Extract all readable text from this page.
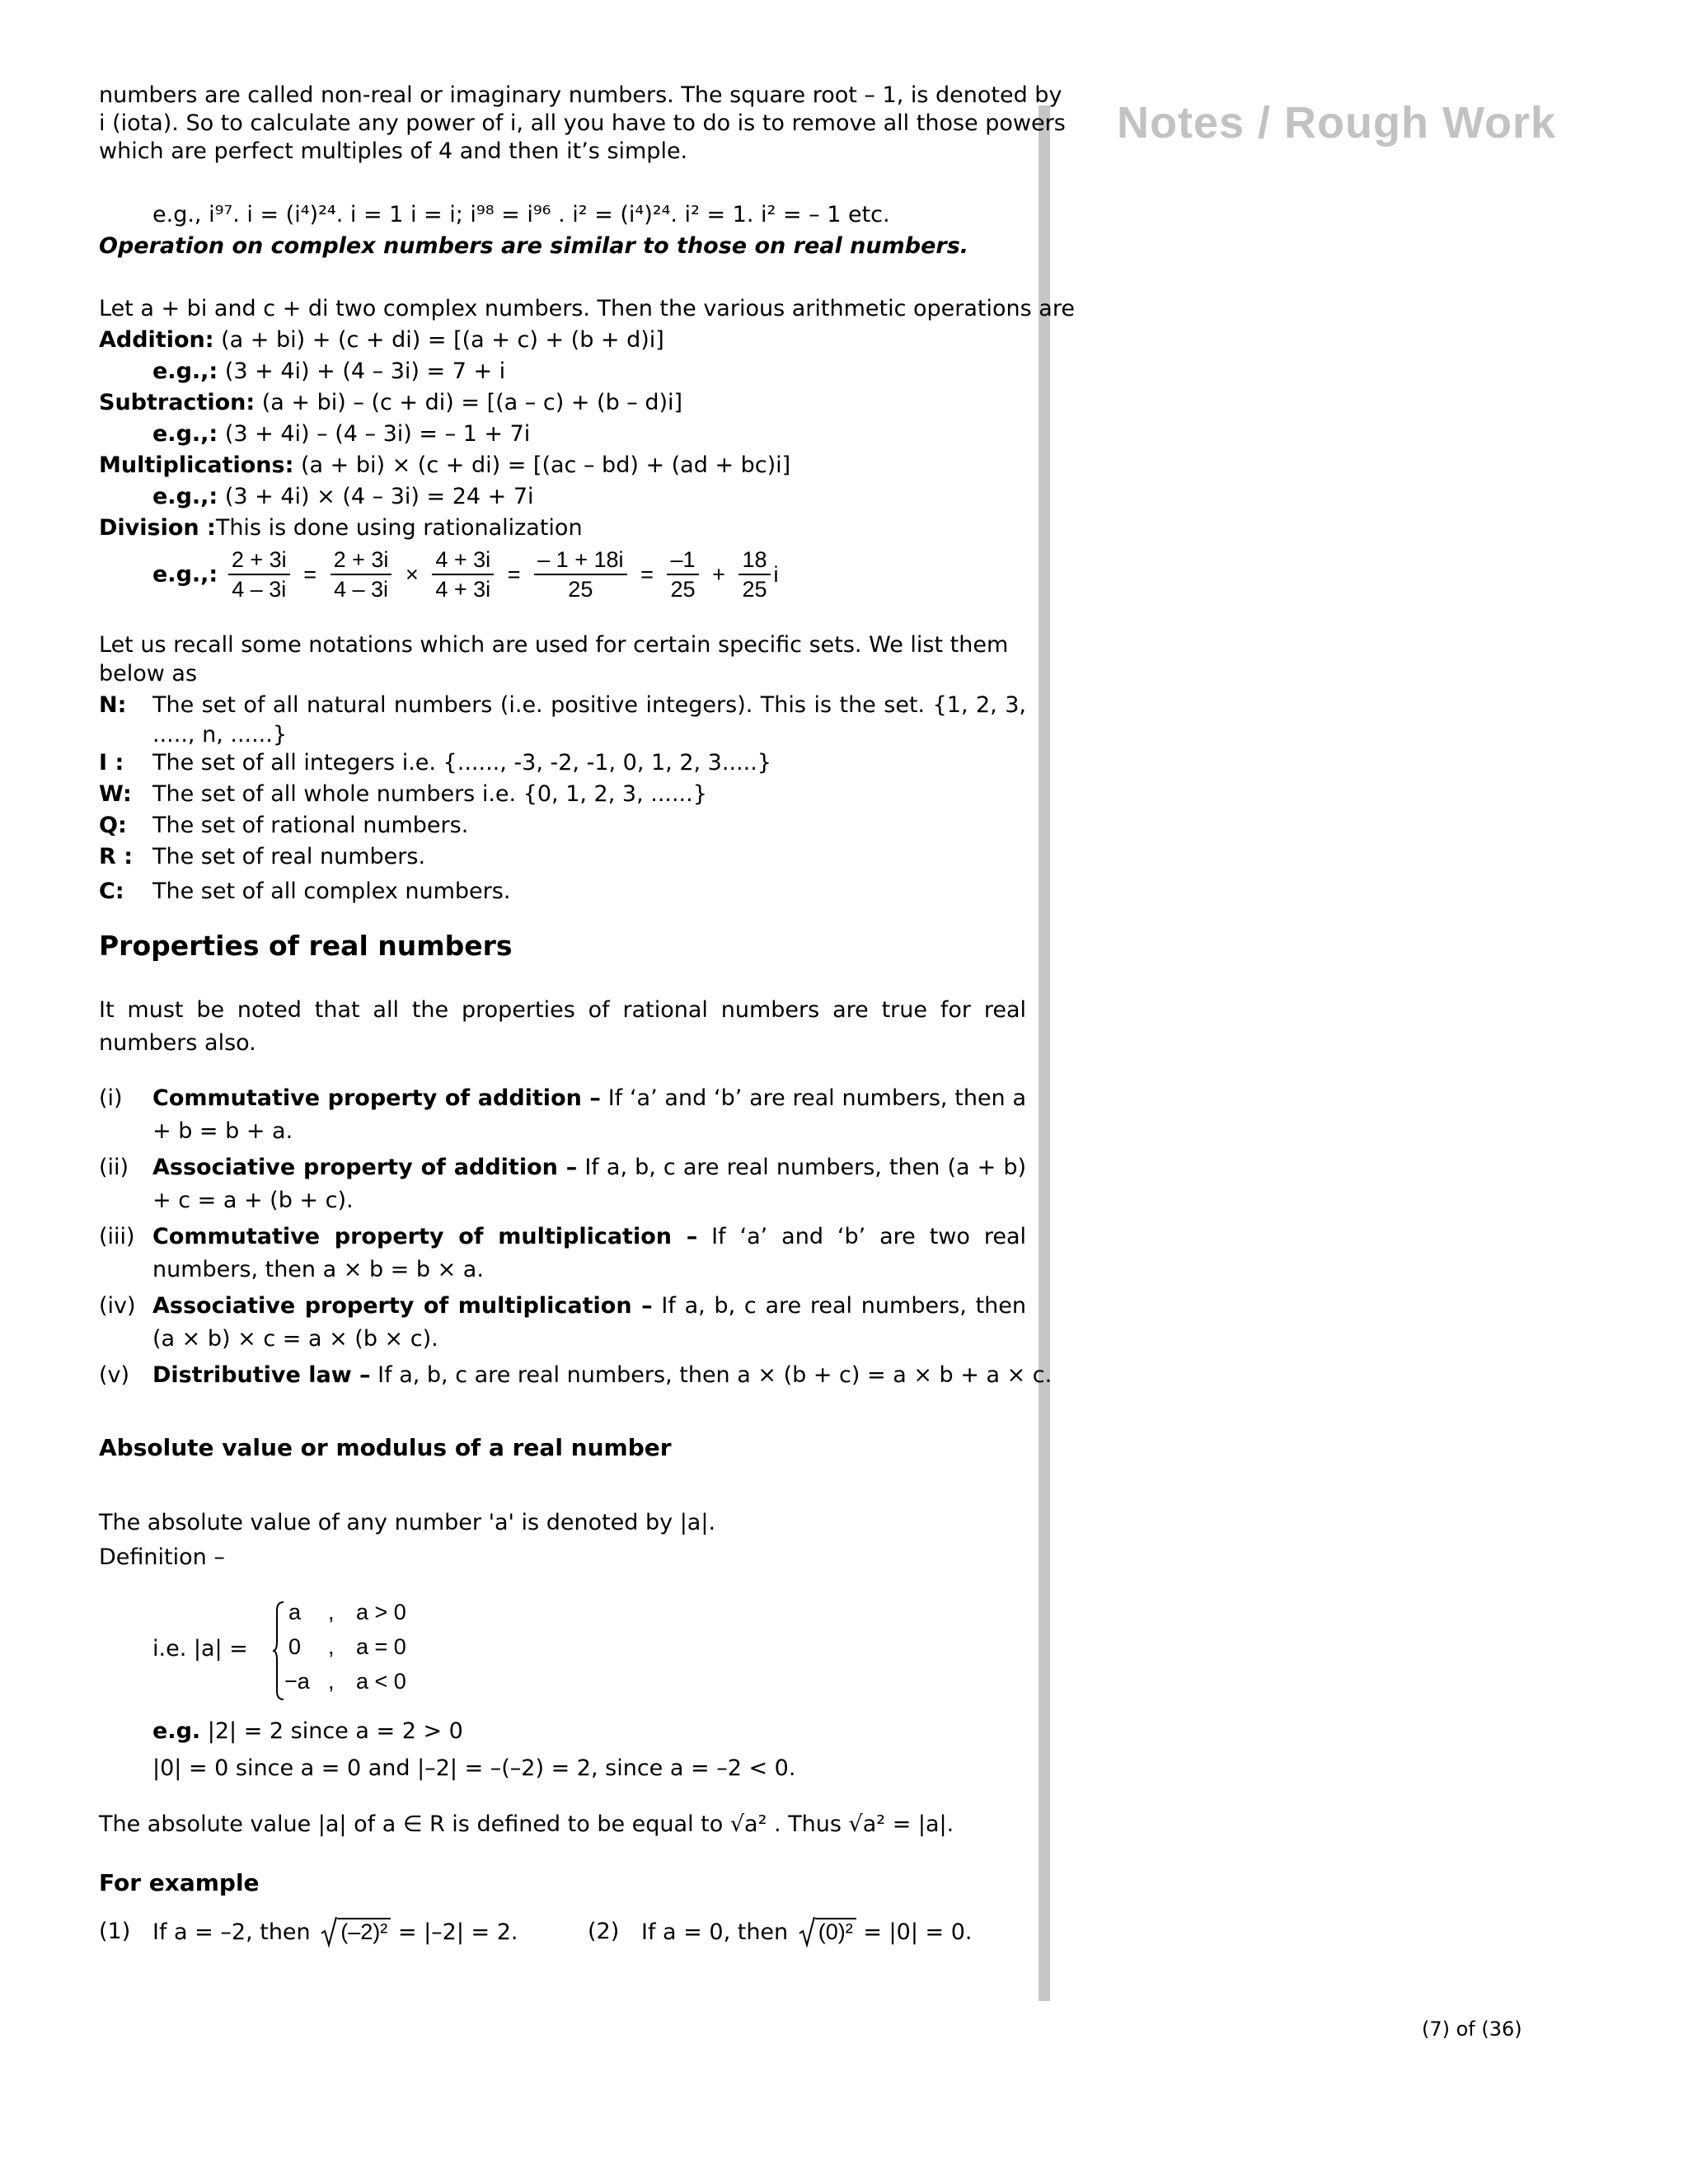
Notes / Rough Work
numbers are called non-real or imaginary numbers. The square root – 1, is denoted by
i (iota). So to calculate any power of i, all you have to do is to remove all those powers
which are perfect multiples of 4 and then it’s simple.
e.g., i⁹⁷. i = (i⁴)²⁴. i = 1 i = i; i⁹⁸ = i⁹⁶ . i² = (i⁴)²⁴. i² = 1. i² = – 1 etc.
Operation on complex numbers are similar to those on real numbers.
Let a + bi and c + di two complex numbers. Then the various arithmetic operations are
Addition: (a + bi) + (c + di) = [(a + c) + (b + d)i]
e.g.,: (3 + 4i) + (4 – 3i) = 7 + i
Subtraction: (a + bi) – (c + di) = [(a – c) + (b – d)i]
e.g.,: (3 + 4i) – (4 – 3i) = – 1 + 7i
Multiplications: (a + bi) × (c + di) = [(ac – bd) + (ad + bc)i]
e.g.,: (3 + 4i) × (4 – 3i) = 24 + 7i
Division :This is done using rationalization
e.g.,: $\frac{2 + 3i}{4 - 3i} = \frac{2 + 3i}{4 - 3i} \times \frac{4 + 3i}{4 + 3i} = \frac{- 1 + 18i}{25} = \frac{-1}{25} + \frac{18}{25}$ i
Let us recall some notations which are used for certain specific sets. We list them
below as
N: The set of all natural numbers (i.e. positive integers). This is the set. {1, 2, 3, ....., n, ......}
I : The set of all integers i.e. {......, -3, -2, -1, 0, 1, 2, 3.....}
W: The set of all whole numbers i.e. {0, 1, 2, 3, ......}
Q: The set of rational numbers.
R : The set of real numbers.
C: The set of all complex numbers.
Properties of real numbers
It must be noted that all the properties of rational numbers are true for real numbers also.
(i) Commutative property of addition – If ‘a’ and ‘b’ are real numbers, then a + b = b + a.
(ii) Associative property of addition – If a, b, c are real numbers, then (a + b) + c = a + (b + c).
(iii) Commutative property of multiplication – If ‘a’ and ‘b’ are two real numbers, then a × b = b × a.
(iv) Associative property of multiplication – If a, b, c are real numbers, then (a × b) × c = a × (b × c).
(v) Distributive law – If a, b, c are real numbers, then a × (b + c) = a × b + a × c.
Absolute value or modulus of a real number
The absolute value of any number 'a' is denoted by |a|.
Definition –
i.e. |a| =
a , a > 0
0 , a = 0
−a , a < 0
e.g. |2| = 2 since a = 2 > 0
|0| = 0 since a = 0 and |–2| = –(–2) = 2, since a = –2 < 0.
The absolute value |a| of a ∈ R is defined to be equal to √a² . Thus √a² = |a|.
For example
(1) If a = –2, then (–2)² = |–2| = 2.	(2) If a = 0, then (0)² = |0| = 0.
(7) of (36)
